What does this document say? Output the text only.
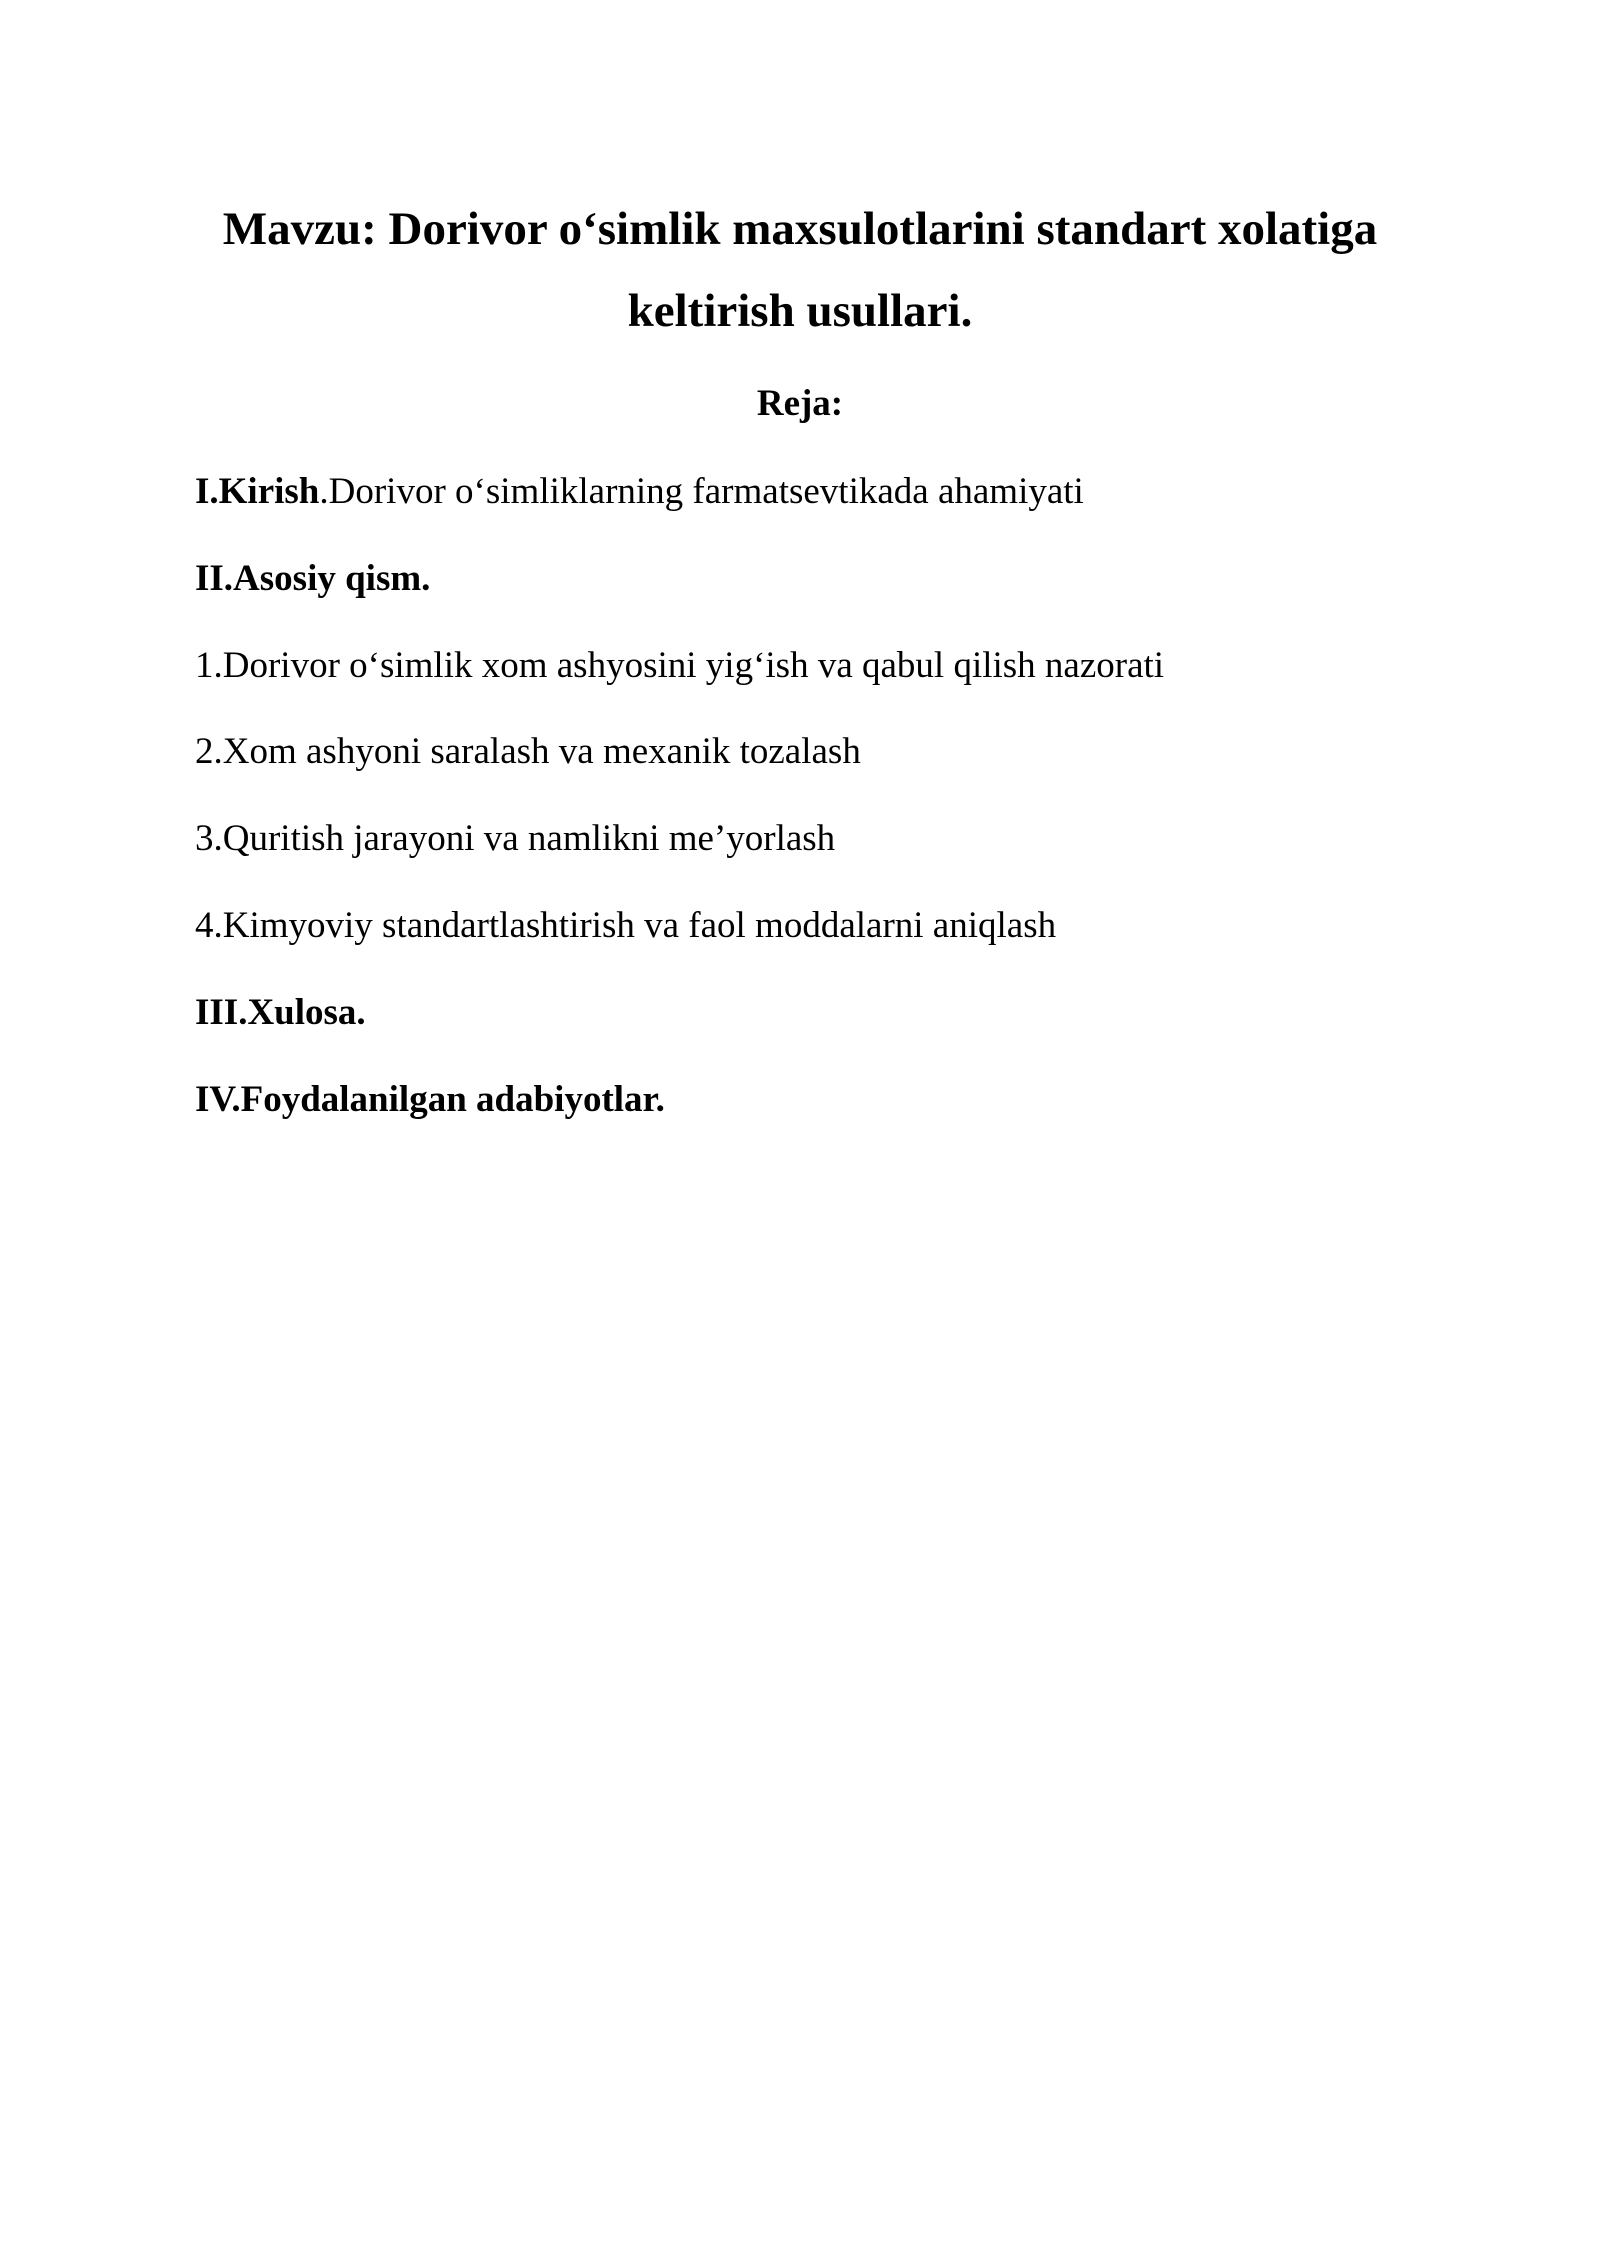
Mavzu: Dorivor o‘simlik maxsulotlarini standart xolatiga
keltirish usullari.

Reja:

I.Kirish.Dorivor o‘simliklarning farmatsevtikada ahamiyati

II.Asosiy qism.

1.Dorivor o‘simlik xom ashyosini yig‘ish va qabul qilish nazorati

2.Xom ashyoni saralash va mexanik tozalash

3.Quritish jarayoni va namlikni me’yorlash

4.Kimyoviy standartlashtirish va faol moddalarni aniqlash

III.Xulosa.

IV.Foydalanilgan adabiyotlar.
